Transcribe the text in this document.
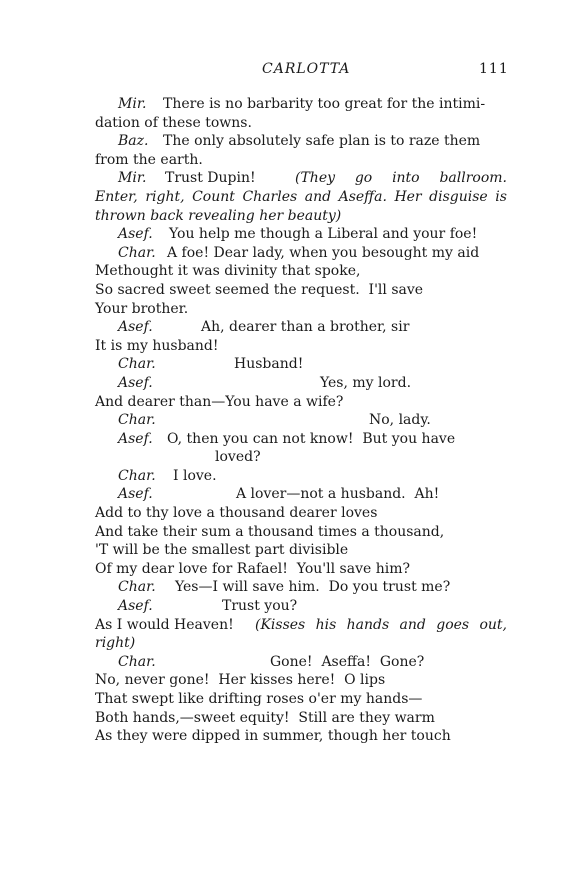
CARLOTTA	111
Mir. There is no barbarity too great for the intimi-
dation of these towns.
Baz. The only absolutely safe plan is to raze them
from the earth.
Mir. Trust Dupin!	(They go into ballroom.
Enter, right, Count Charles and Aseffa. Her disguise is
thrown back revealing her beauty)
Asef. You help me though a Liberal and your foe!
Char. A foe! Dear lady, when you besought my aid
Methought it was divinity that spoke,
So sacred sweet seemed the request.  I'll save
Your brother.
Asef.	Ah, dearer than a brother, sir
It is my husband!
Char.	Husband!
Asef.	Yes, my lord.
And dearer than—You have a wife?
Char.	No, lady.
Asef. O, then you can not know!  But you have
loved?
Char. I love.
Asef.	A lover—not a husband.  Ah!
Add to thy love a thousand dearer loves
And take their sum a thousand times a thousand,
'T will be the smallest part divisible
Of my dear love for Rafael!  You'll save him?
Char. Yes—I will save him.  Do you trust me?
Asef.	Trust you?
As I would Heaven! (Kisses his hands and goes out,
right)
Char.	Gone!  Aseffa!  Gone?
No, never gone!  Her kisses here!  O lips
That swept like drifting roses o'er my hands—
Both hands,—sweet equity!  Still are they warm
As they were dipped in summer, though her touch
